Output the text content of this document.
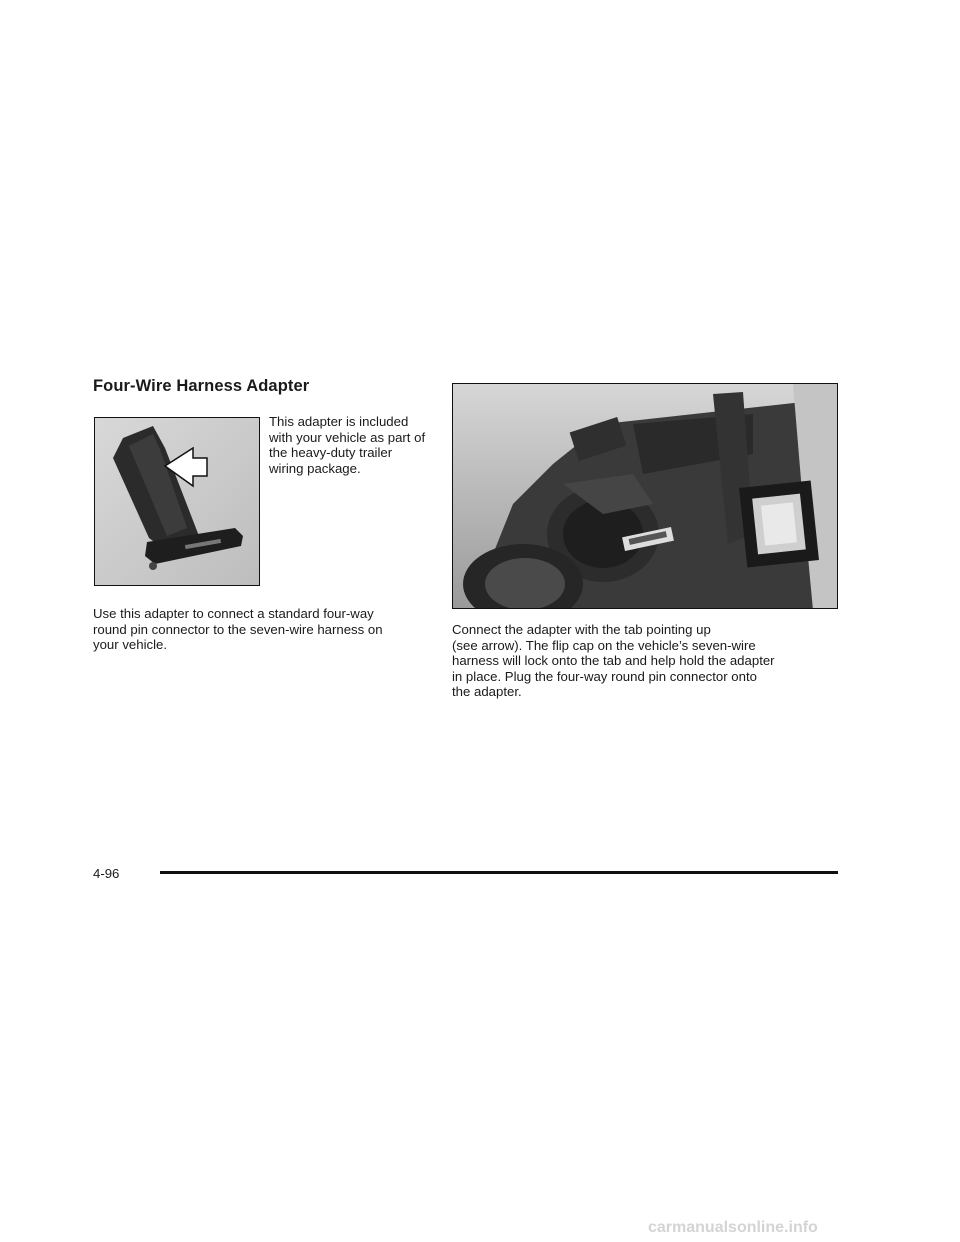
Four-Wire Harness Adapter

This adapter is included
with your vehicle as part of
the heavy-duty trailer
wiring package.

Use this adapter to connect a standard four-way
round pin connector to the seven-wire harness on
your vehicle.

Connect the adapter with the tab pointing up
(see arrow). The flip cap on the vehicle’s seven-wire
harness will lock onto the tab and help hold the adapter
in place. Plug the four-way round pin connector onto
the adapter.

4-96
carmanualsonline.info
